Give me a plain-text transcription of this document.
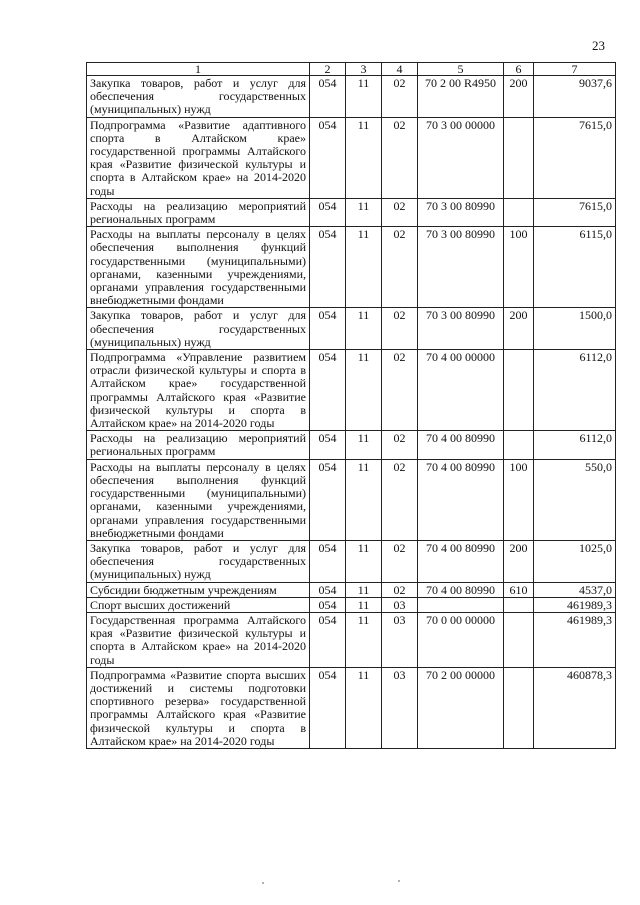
23
1	2	3	4	5	6	7
Закупка товаров, работ и услуг для обеспечения государственных (муниципальных) нужд	054	11	02	70 2 00 R4950	200	9037,6
Подпрограмма «Развитие адаптивного спорта в Алтайском крае» государственной программы Алтайского края «Развитие физической культуры и спорта в Алтайском крае» на 2014-2020 годы	054	11	02	70 3 00 00000		7615,0
Расходы на реализацию мероприятий региональных программ	054	11	02	70 3 00 80990		7615,0
Расходы на выплаты персоналу в целях обеспечения выполнения функций государственными (муниципальными) органами, казенными учреждениями, органами управления государственными внебюджетными фондами	054	11	02	70 3 00 80990	100	6115,0
Закупка товаров, работ и услуг для обеспечения государственных (муниципальных) нужд	054	11	02	70 3 00 80990	200	1500,0
Подпрограмма «Управление развитием отрасли физической культуры и спорта в Алтайском крае» государственной программы Алтайского края «Развитие физической культуры и спорта в Алтайском крае» на 2014-2020 годы	054	11	02	70 4 00 00000		6112,0
Расходы на реализацию мероприятий региональных программ	054	11	02	70 4 00 80990		6112,0
Расходы на выплаты персоналу в целях обеспечения выполнения функций государственными (муниципальными) органами, казенными учреждениями, органами управления государственными внебюджетными фондами	054	11	02	70 4 00 80990	100	550,0
Закупка товаров, работ и услуг для обеспечения государственных (муниципальных) нужд	054	11	02	70 4 00 80990	200	1025,0
Субсидии бюджетным учреждениям	054	11	02	70 4 00 80990	610	4537,0
Спорт высших достижений	054	11	03			461989,3
Государственная программа Алтайского края «Развитие физической культуры и спорта в Алтайском крае» на 2014-2020 годы	054	11	03	70 0 00 00000		461989,3
Подпрограмма «Развитие спорта высших достижений и системы подготовки спортивного резерва» государственной программы Алтайского края «Развитие физической культуры и спорта в Алтайском крае» на 2014-2020 годы	054	11	03	70 2 00 00000		460878,3
